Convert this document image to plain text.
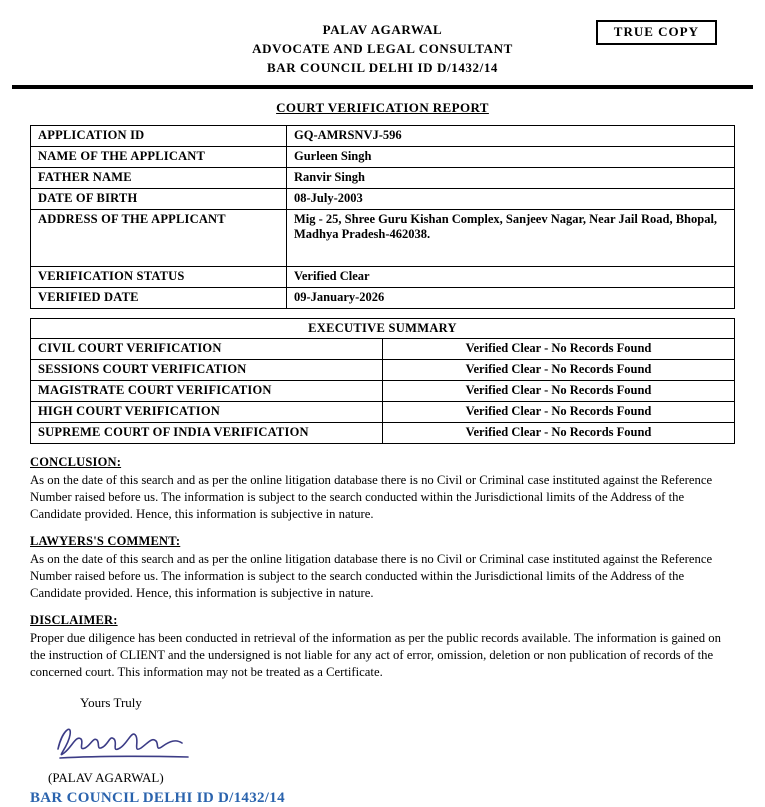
PALAV AGARWAL
ADVOCATE AND LEGAL CONSULTANT
BAR COUNCIL DELHI ID D/1432/14
TRUE COPY
COURT VERIFICATION REPORT
APPLICATION ID	GQ-AMRSNVJ-596
NAME OF THE APPLICANT	Gurleen Singh
FATHER NAME	Ranvir Singh
DATE OF BIRTH	08-July-2003
ADDRESS OF THE APPLICANT	Mig - 25, Shree Guru Kishan Complex, Sanjeev Nagar, Near Jail Road, Bhopal, Madhya Pradesh-462038.
VERIFICATION STATUS	Verified Clear
VERIFIED DATE	09-January-2026
EXECUTIVE SUMMARY	
CIVIL COURT VERIFICATION	Verified Clear - No Records Found
SESSIONS COURT VERIFICATION	Verified Clear - No Records Found
MAGISTRATE COURT VERIFICATION	Verified Clear - No Records Found
HIGH COURT VERIFICATION	Verified Clear - No Records Found
SUPREME COURT OF INDIA VERIFICATION	Verified Clear - No Records Found
CONCLUSION:
As on the date of this search and as per the online litigation database there is no Civil or Criminal case instituted against the Reference Number raised before us. The information is subject to the search conducted within the Jurisdictional limits of the Address of the Candidate provided. Hence, this information is subjective in nature.
LAWYERS'S COMMENT:
As on the date of this search and as per the online litigation database there is no Civil or Criminal case instituted against the Reference Number raised before us. The information is subject to the search conducted within the Jurisdictional limits of the Address of the Candidate provided. Hence, this information is subjective in nature.
DISCLAIMER:
Proper due diligence has been conducted in retrieval of the information as per the public records available. The information is gained on the instruction of CLIENT and the undersigned is not liable for any act of error, omission, deletion or non publication of records of the concerned court. This information may not be treated as a Certificate.
Yours Truly
(PALAV AGARWAL)
BAR COUNCIL DELHI ID D/1432/14
